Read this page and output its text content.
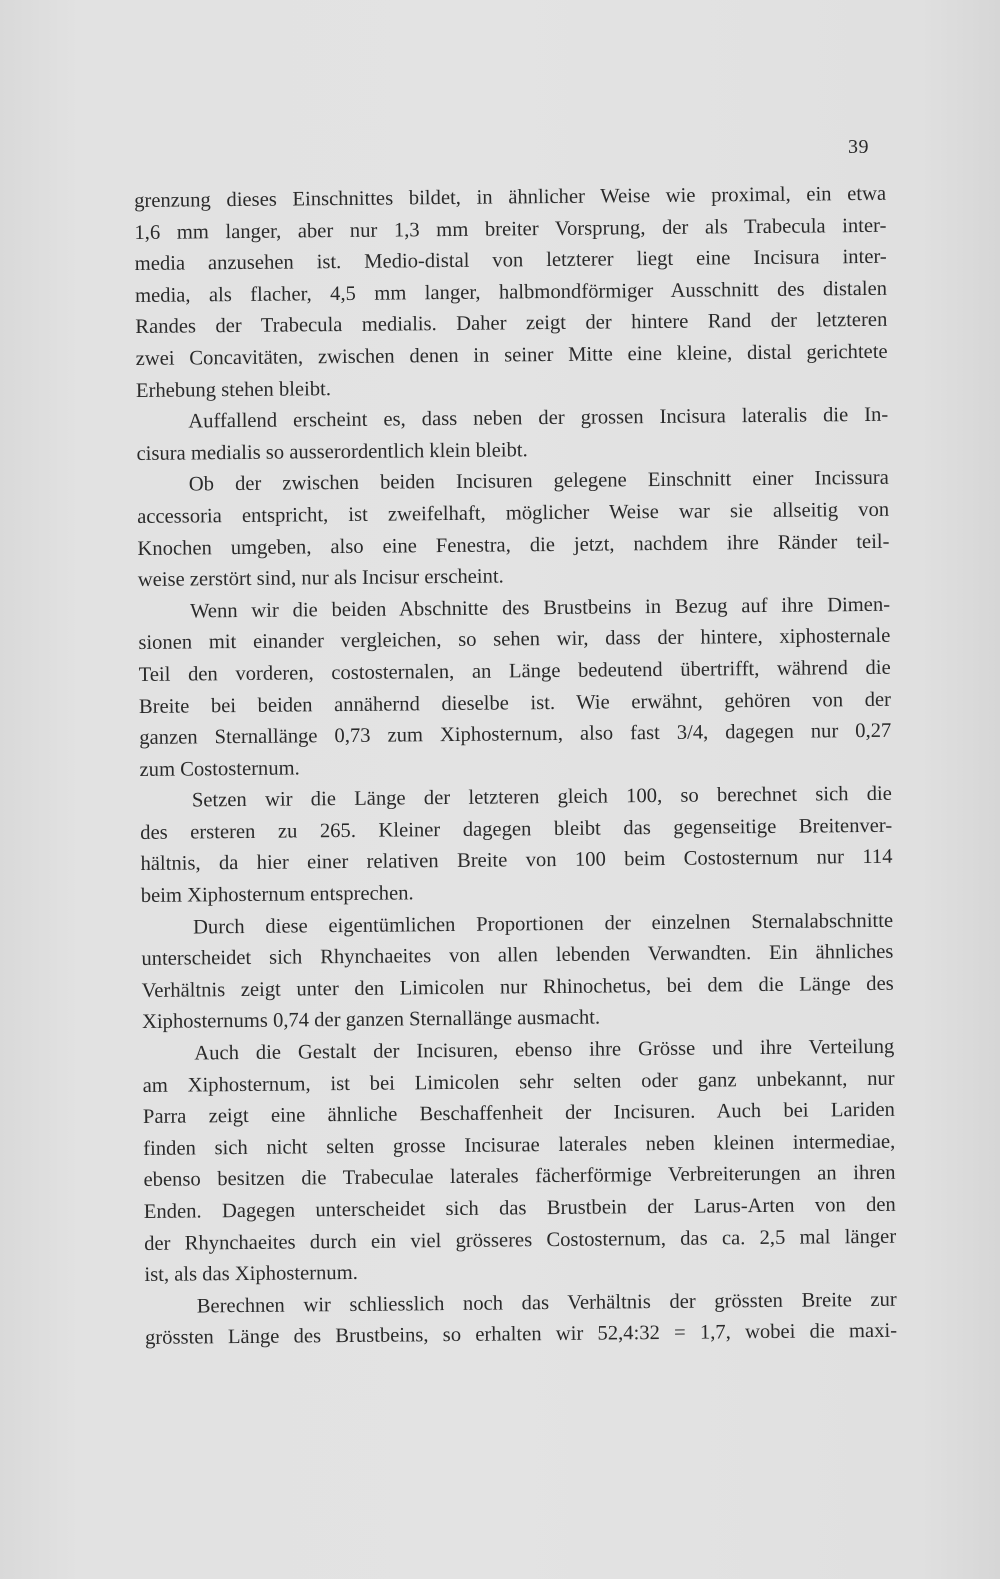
39
grenzung dieses Einschnittes bildet, in ähnlicher Weise wie proximal, ein etwa
1,6 mm langer, aber nur 1,3 mm breiter Vorsprung, der als Trabecula inter-
media anzusehen ist. Medio-distal von letzterer liegt eine Incisura inter-
media, als flacher, 4,5 mm langer, halbmondförmiger Ausschnitt des distalen
Randes der Trabecula medialis. Daher zeigt der hintere Rand der letzteren
zwei Concavitäten, zwischen denen in seiner Mitte eine kleine, distal gerichtete
Erhebung stehen bleibt.
Auffallend erscheint es, dass neben der grossen Incisura lateralis die In-
cisura medialis so ausserordentlich klein bleibt.
Ob der zwischen beiden Incisuren gelegene Einschnitt einer Incissura
accessoria entspricht, ist zweifelhaft, möglicher Weise war sie allseitig von
Knochen umgeben, also eine Fenestra, die jetzt, nachdem ihre Ränder teil-
weise zerstört sind, nur als Incisur erscheint.
Wenn wir die beiden Abschnitte des Brustbeins in Bezug auf ihre Dimen-
sionen mit einander vergleichen, so sehen wir, dass der hintere, xiphosternale
Teil den vorderen, costosternalen, an Länge bedeutend übertrifft, während die
Breite bei beiden annähernd dieselbe ist. Wie erwähnt, gehören von der
ganzen Sternallänge 0,73 zum Xiphosternum, also fast 3/4, dagegen nur 0,27
zum Costosternum.
Setzen wir die Länge der letzteren gleich 100, so berechnet sich die
des ersteren zu 265. Kleiner dagegen bleibt das gegenseitige Breitenver-
hältnis, da hier einer relativen Breite von 100 beim Costosternum nur 114
beim Xiphosternum entsprechen.
Durch diese eigentümlichen Proportionen der einzelnen Sternalabschnitte
unterscheidet sich Rhynchaeites von allen lebenden Verwandten. Ein ähnliches
Verhältnis zeigt unter den Limicolen nur Rhinochetus, bei dem die Länge des
Xiphosternums 0,74 der ganzen Sternallänge ausmacht.
Auch die Gestalt der Incisuren, ebenso ihre Grösse und ihre Verteilung
am Xiphosternum, ist bei Limicolen sehr selten oder ganz unbekannt, nur
Parra zeigt eine ähnliche Beschaffenheit der Incisuren. Auch bei Lariden
finden sich nicht selten grosse Incisurae laterales neben kleinen intermediae,
ebenso besitzen die Trabeculae laterales fächerförmige Verbreiterungen an ihren
Enden. Dagegen unterscheidet sich das Brustbein der Larus-Arten von den
der Rhynchaeites durch ein viel grösseres Costosternum, das ca. 2,5 mal länger
ist, als das Xiphosternum.
Berechnen wir schliesslich noch das Verhältnis der grössten Breite zur
grössten Länge des Brustbeins, so erhalten wir 52,4:32 = 1,7, wobei die maxi-
